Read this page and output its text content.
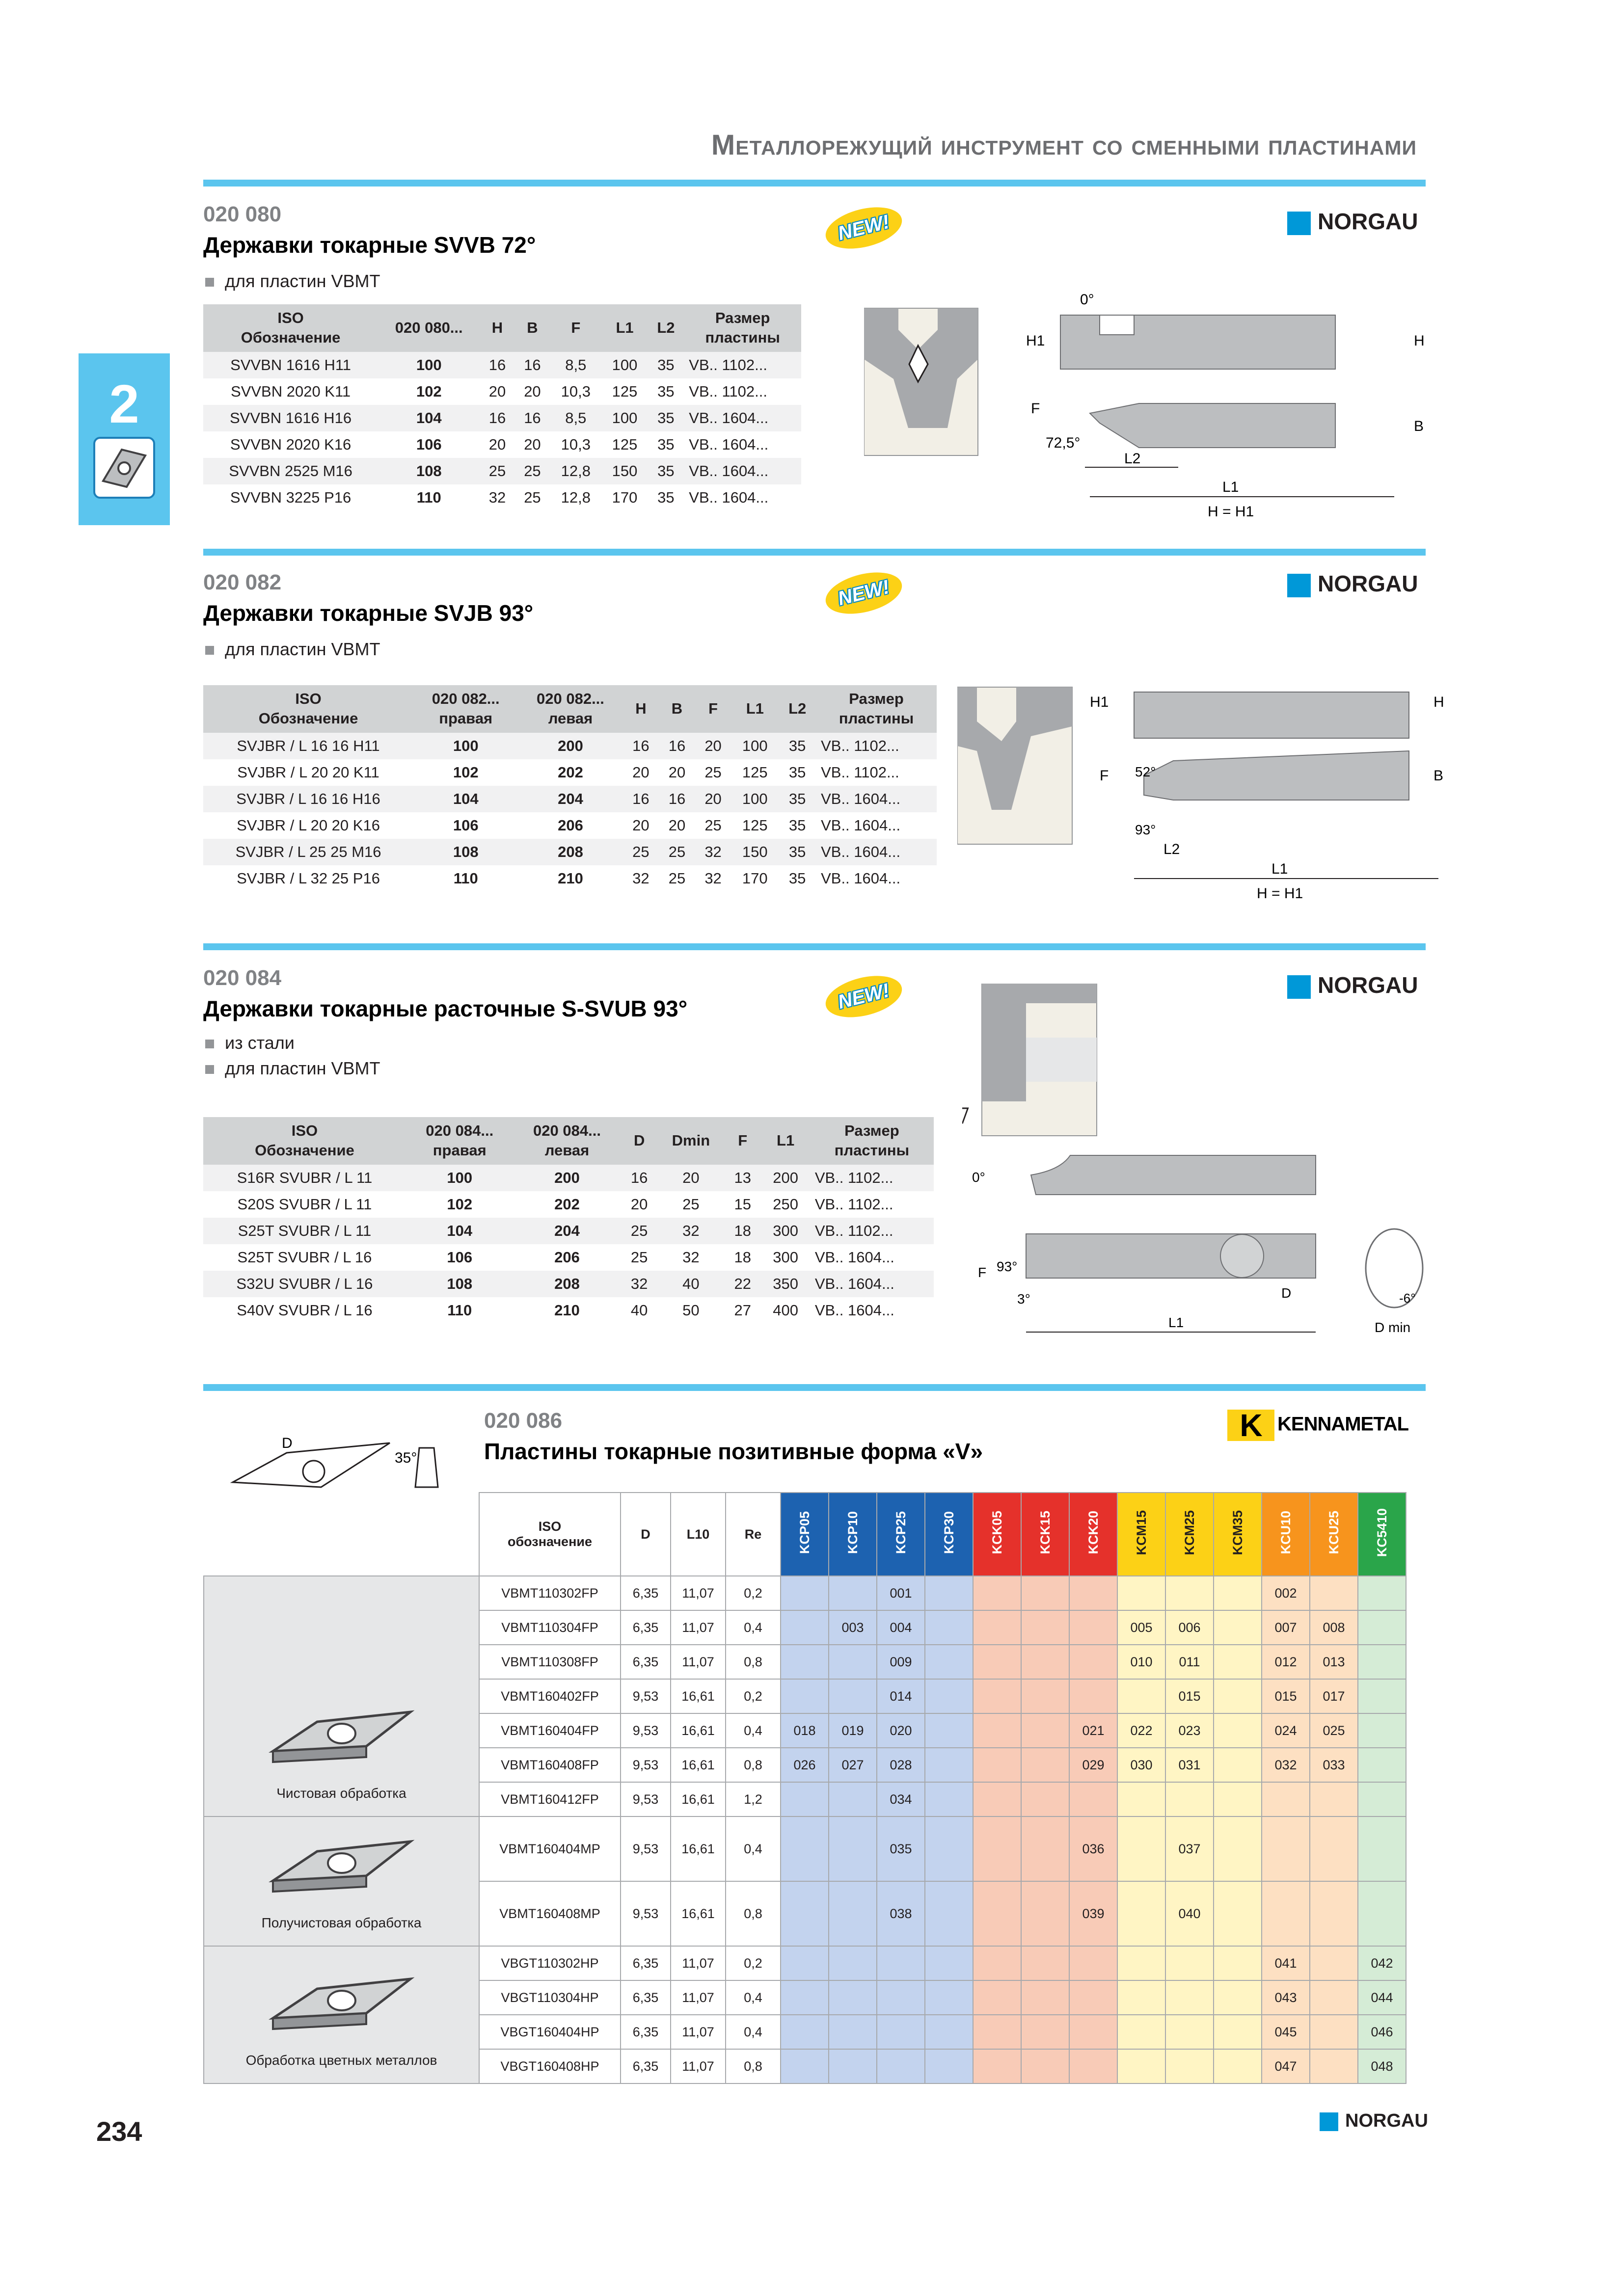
Металлорежущий инструмент со сменными пластинами
2
020 080
Державки токарные SVVB 72°
для пластин VBMT
NEW!	NORGAU
ISO
Обозначение	020 080...	H	B	F	L1	L2	Размер
пластины
SVVBN 1616 H11	100	16	16	8,5	100	35	VB.. 1102...
SVVBN 2020 K11	102	20	20	10,3	125	35	VB.. 1102...
SVVBN 1616 H16	104	16	16	8,5	100	35	VB.. 1604...
SVVBN 2020 K16	106	20	20	10,3	125	35	VB.. 1604...
SVVBN 2525 M16	108	25	25	12,8	150	35	VB.. 1604...
SVVBN 3225 P16	110	32	25	12,8	170	35	VB.. 1604...
0°
H1	H
F
B
72,5°
L2
L1
H = H1
020 082
Державки токарные SVJB 93°
для пластин VBMT
NEW!	NORGAU
ISO
Обозначение	020 082...
правая	020 082...
левая	H	B	F	L1	L2	Размер
пластины
SVJBR / L 16 16 H11	100	200	16	16	20	100	35	VB.. 1102...
SVJBR / L 20 20 K11	102	202	20	20	25	125	35	VB.. 1102...
SVJBR / L 16 16 H16	104	204	16	16	20	100	35	VB.. 1604...
SVJBR / L 20 20 K16	106	206	20	20	25	125	35	VB.. 1604...
SVJBR / L 25 25 M16	108	208	25	25	32	150	35	VB.. 1604...
SVJBR / L 32 25 P16	110	210	32	25	32	170	35	VB.. 1604...
H1	H
F	B
52°
93°
L2
L1
H = H1
020 084
Державки токарные расточные S-SVUB 93°
из стали
для пластин VBMT
NEW!	NORGAU
ISO
Обозначение	020 084...
правая	020 084...
левая	D	Dmin	F	L1	Размер
пластины
S16R SVUBR / L 11	100	200	16	20	13	200	VB.. 1102...
S20S SVUBR / L 11	102	202	20	25	15	250	VB.. 1102...
S25T SVUBR / L 11	104	204	25	32	18	300	VB.. 1102...
S25T SVUBR / L 16	106	206	25	32	18	300	VB.. 1604...
S32U SVUBR / L 16	108	208	32	40	22	350	VB.. 1604...
S40V SVUBR / L 16	110	210	40	50	27	400	VB.. 1604...
0°
F 93°
3°	D
L1
-6°
D min
D
35°
020 086
Пластины токарные позитивные форма «V»
K KENNAMETAL
	ISO
обозначение	D	L10	Re	KCP05	KCP10	KCP25	KCP30	KCK05	KCK15	KCK20	KCM15	KCM25	KCM35	KCU10	KCU25	KC5410

Чистовая обработка	VBMT110302FP	6,35	11,07	0,2			001								002		
	VBMT110304FP	6,35	11,07	0,4		003	004					005	006		007	008	
	VBMT110308FP	6,35	11,07	0,8			009					010	011		012	013	
	VBMT160402FP	9,53	16,61	0,2			014						015		015	017	
	VBMT160404FP	9,53	16,61	0,4	018	019	020				021	022	023		024	025	
	VBMT160408FP	9,53	16,61	0,8	026	027	028				029	030	031		032	033	
	VBMT160412FP	9,53	16,61	1,2			034										

Получистовая обработка	VBMT160404MP	9,53	16,61	0,4			035				036		037				
	VBMT160408MP	9,53	16,61	0,8			038				039		040				

Обработка цветных металлов	VBGT110302HP	6,35	11,07	0,2											041		042
	VBGT110304HP	6,35	11,07	0,4											043		044
	VBGT160404HP	6,35	11,07	0,4											045		046
	VBGT160408HP	6,35	11,07	0,8											047		048
234	NORGAU
